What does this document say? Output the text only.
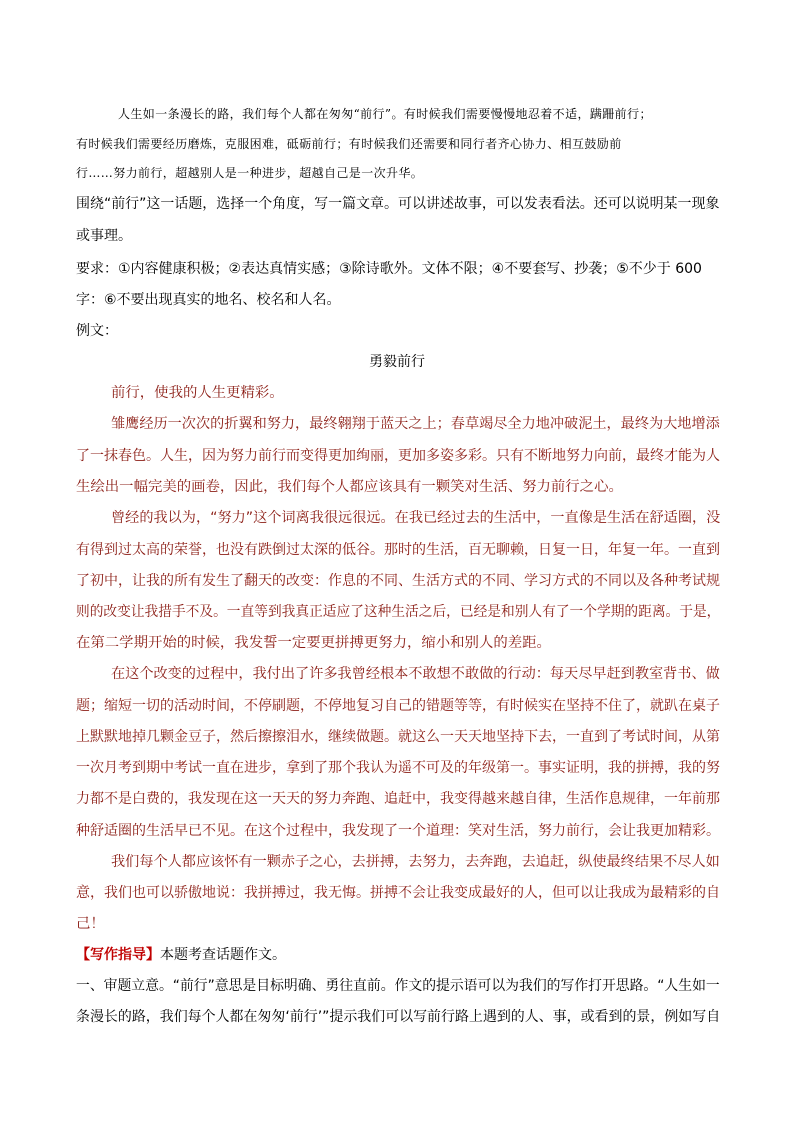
人生如一条漫长的路，我们每个人都在匆匆“前行”。有时候我们需要慢慢地忍着不适，蹒跚前行；
有时候我们需要经历磨炼，克服困难，砥砺前行；有时候我们还需要和同行者齐心协力、相互鼓励前
行……努力前行，超越别人是一种进步，超越自己是一次升华。
围绕“前行”这一话题，选择一个角度，写一篇文章。可以讲述故事，可以发表看法。还可以说明某一现象
或事理。
要求：①内容健康积极；②表达真情实感；③除诗歌外。文体不限；④不要套写、抄袭；⑤不少于 600
字：⑥不要出现真实的地名、校名和人名。
例文：
勇毅前行
前行，使我的人生更精彩。
雏鹰经历一次次的折翼和努力，最终翱翔于蓝天之上；春草竭尽全力地冲破泥土，最终为大地增添
了一抹春色。人生，因为努力前行而变得更加绚丽，更加多姿多彩。只有不断地努力向前，最终才能为人
生绘出一幅完美的画卷，因此，我们每个人都应该具有一颗笑对生活、努力前行之心。
曾经的我以为，“努力”这个词离我很远很远。在我已经过去的生活中，一直像是生活在舒适圈，没
有得到过太高的荣誉，也没有跌倒过太深的低谷。那时的生活，百无聊赖，日复一日，年复一年。一直到
了初中，让我的所有发生了翻天的改变：作息的不同、生活方式的不同、学习方式的不同以及各种考试规
则的改变让我措手不及。一直等到我真正适应了这种生活之后，已经是和别人有了一个学期的距离。于是，
在第二学期开始的时候，我发誓一定要更拼搏更努力，缩小和别人的差距。
在这个改变的过程中，我付出了许多我曾经根本不敢想不敢做的行动：每天尽早赶到教室背书、做
题；缩短一切的活动时间，不停刷题，不停地复习自己的错题等等，有时候实在坚持不住了，就趴在桌子
上默默地掉几颗金豆子，然后擦擦泪水，继续做题。就这么一天天地坚持下去，一直到了考试时间，从第
一次月考到期中考试一直在进步，拿到了那个我认为遥不可及的年级第一。事实证明，我的拼搏，我的努
力都不是白费的，我发现在这一天天的努力奔跑、追赶中，我变得越来越自律，生活作息规律，一年前那
种舒适圈的生活早已不见。在这个过程中，我发现了一个道理：笑对生活，努力前行，会让我更加精彩。
我们每个人都应该怀有一颗赤子之心，去拼搏，去努力，去奔跑，去追赶，纵使最终结果不尽人如
意，我们也可以骄傲地说：我拼搏过，我无悔。拼搏不会让我变成最好的人，但可以让我成为最精彩的自
己！
【写作指导】本题考查话题作文。
一、审题立意。“前行”意思是目标明确、勇往直前。作文的提示语可以为我们的写作打开思路。“人生如一
条漫长的路，我们每个人都在匆匆‘前行’”提示我们可以写前行路上遇到的人、事，或看到的景，例如写自
